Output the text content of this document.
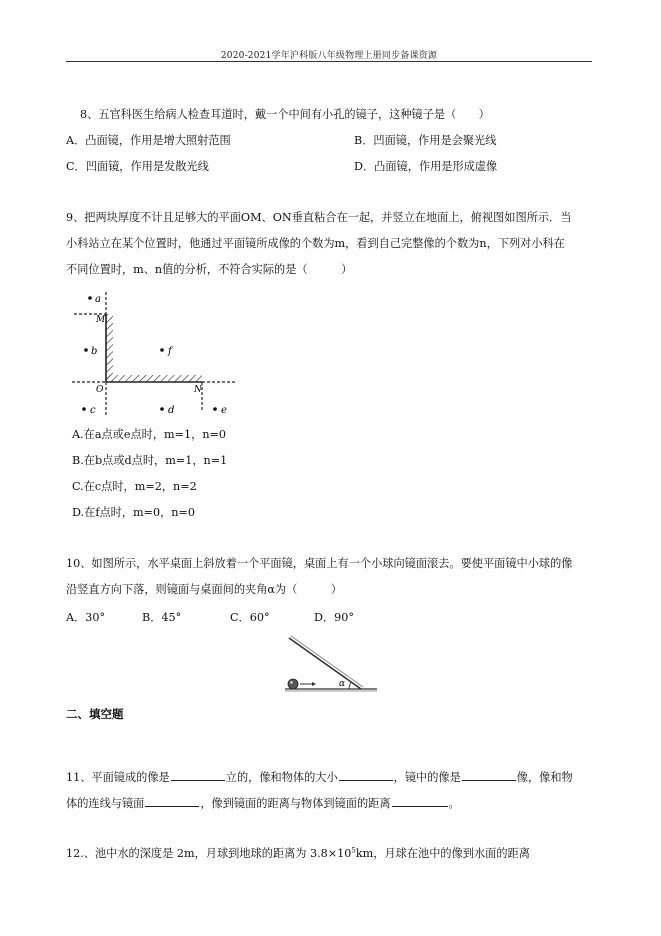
2020-2021学年沪科版八年级物理上册同步备课资源
8、五官科医生给病人检查耳道时，戴一个中间有小孔的镜子，这种镜子是（　　）
A．凸面镜，作用是增大照射范围	B．凹面镜，作用是会聚光线
C．凹面镜，作用是发散光线	D．凸面镜，作用是形成虚像
9、把两块厚度不计且足够大的平面OM、ON垂直粘合在一起，并竖立在地面上，俯视图如图所示．当
小科站立在某个位置时，他通过平面镜所成像的个数为m，看到自己完整像的个数为n，下列对小科在
不同位置时，m、n值的分析，不符合实际的是（　　　）
a
b	f
c	d	e
M
O	N
A.在a点或e点时，m=1，n=0
B.在b点或d点时，m=1，n=1
C.在c点时，m=2，n=2
D.在f点时，m=0，n=0
10、如图所示，水平桌面上斜放着一个平面镜，桌面上有一个小球向镜面滚去。要使平面镜中小球的像
沿竖直方向下落，则镜面与桌面间的夹角α为（　　　）
A．30°	B．45°	C．60°	D．90°
α
二、填空题
11、平面镜成的像是	立的，像和物体的大小	，镜中的像是	像，像和物
体的连线与镜面	，像到镜面的距离与物体到镜面的距离	。
12.、池中水的深度是 2m，月球到地球的距离为 $3.8\times 10^5km$，月球在池中的像到水面的距离
